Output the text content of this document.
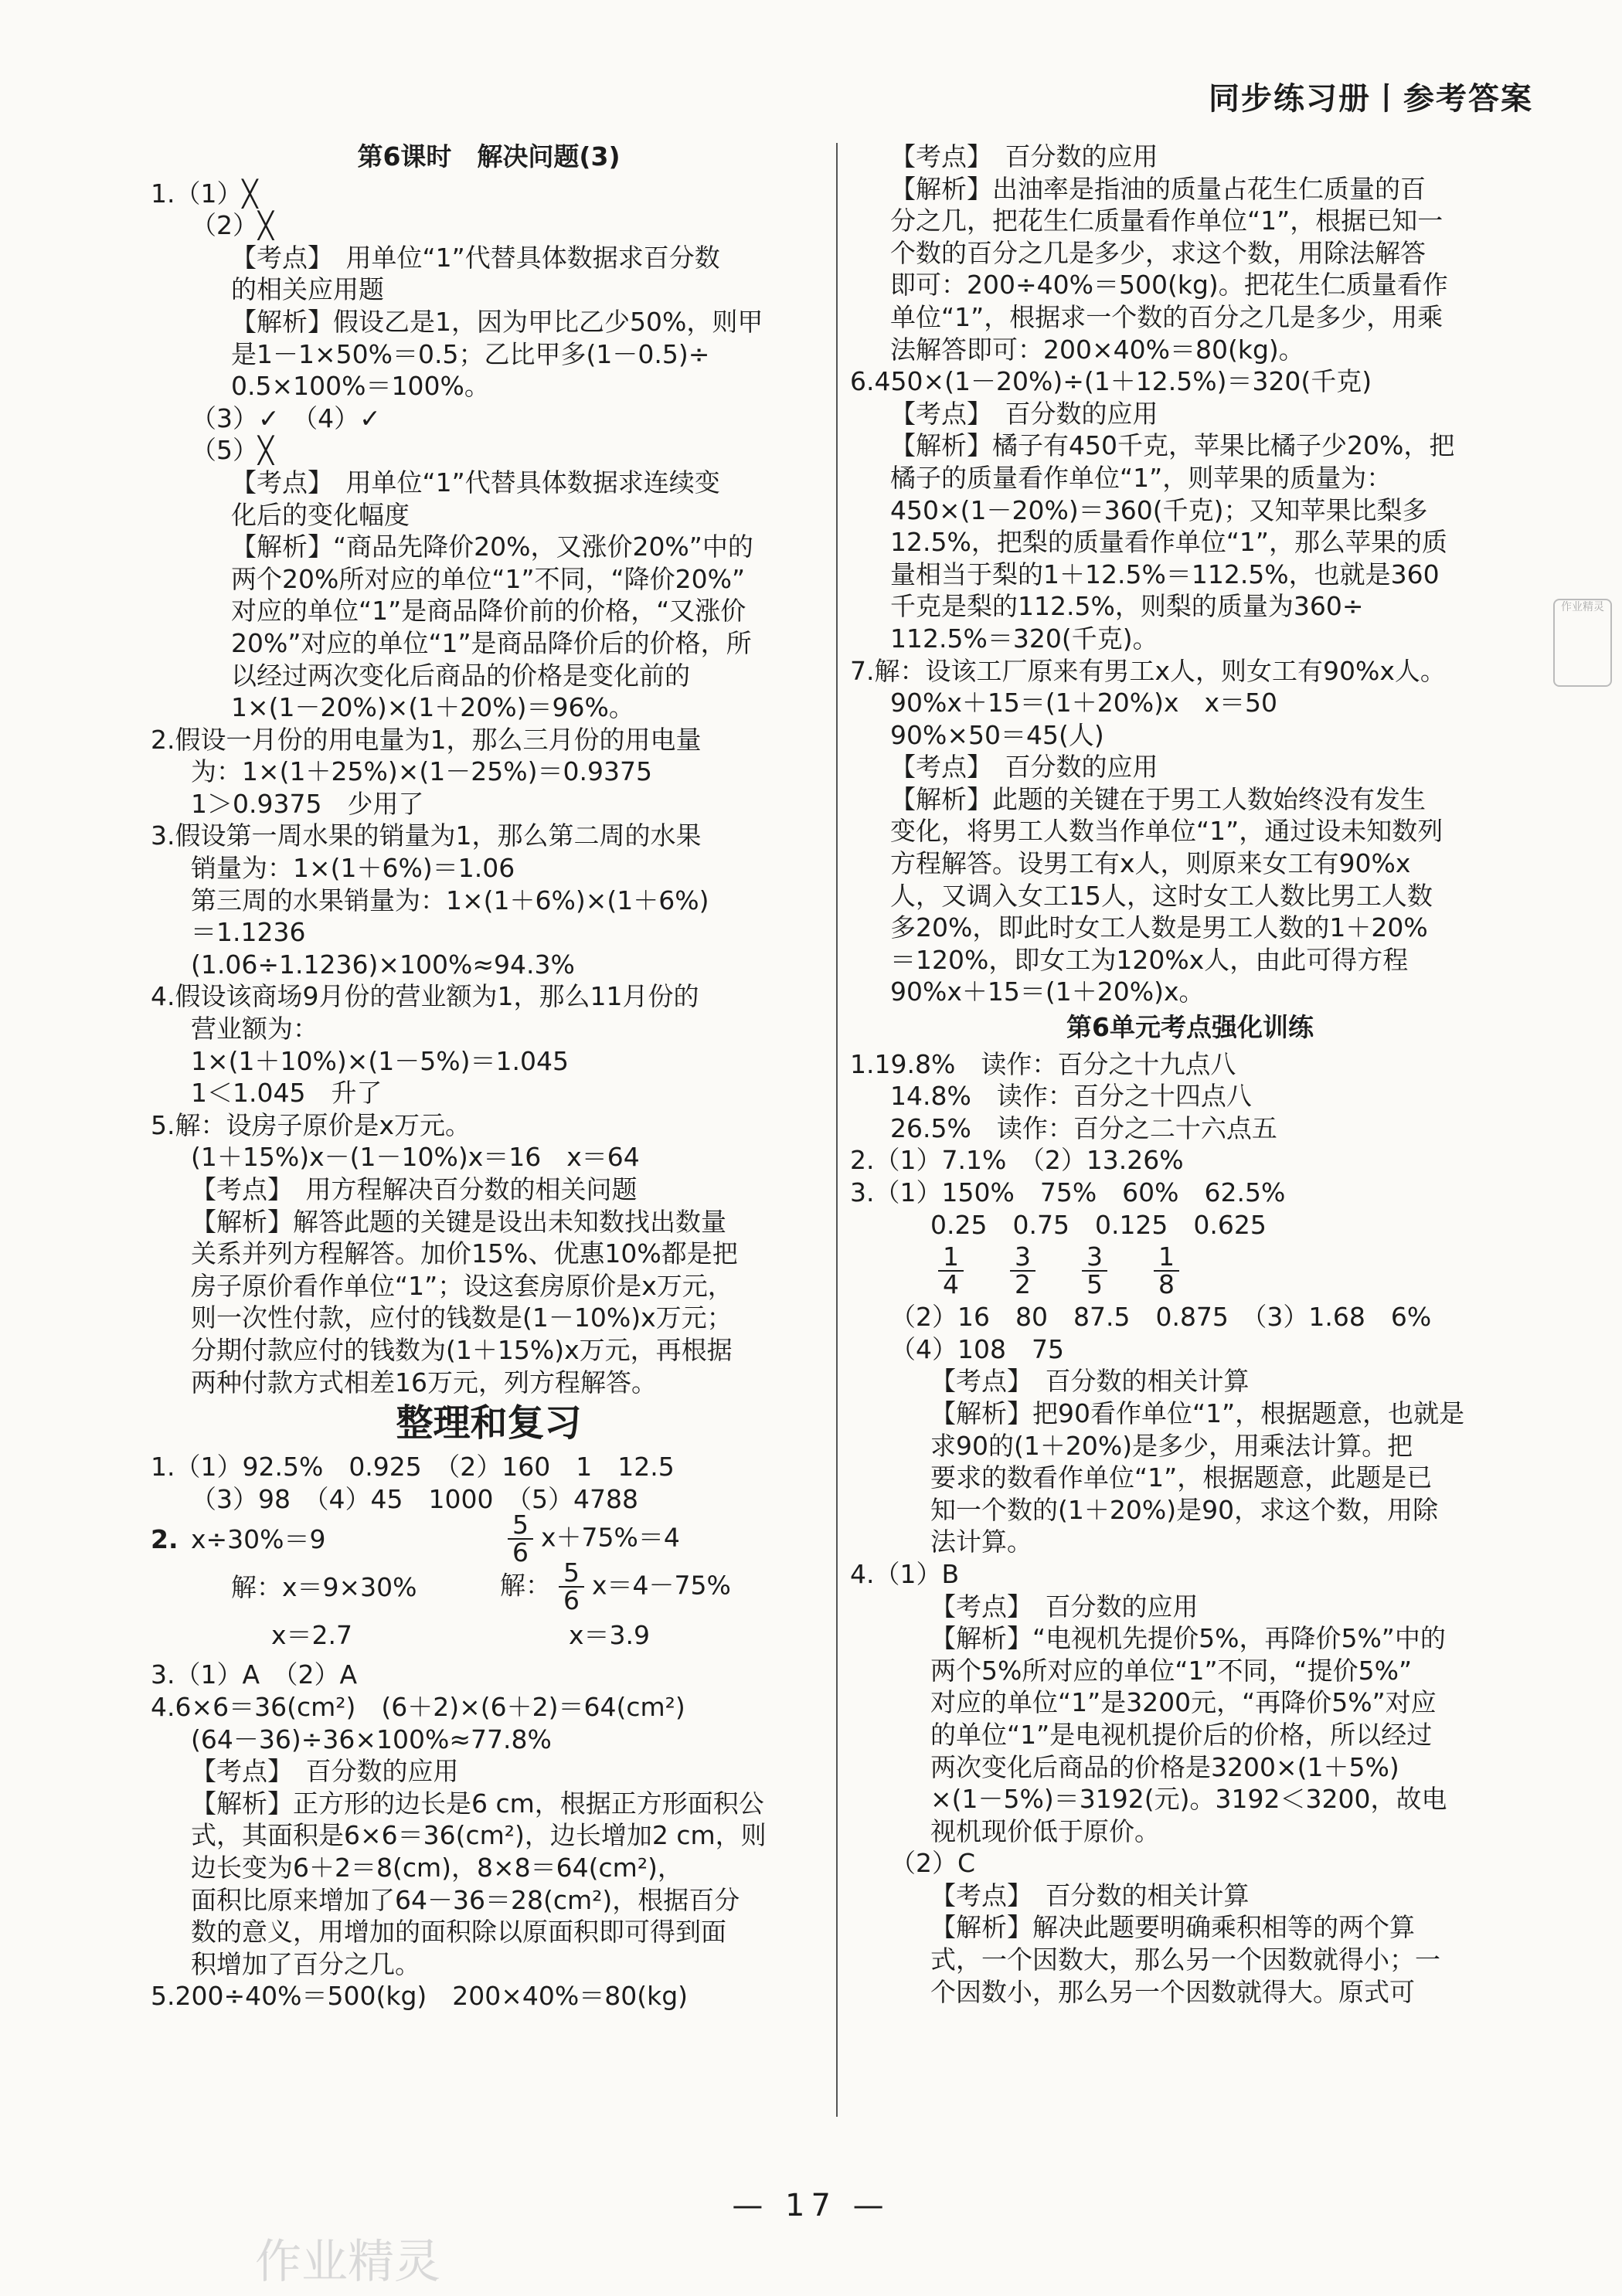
同步练习册丨参考答案
第6课时　解决问题(3)
1.（1）╳
（2）╳
【考点】　用单位“1”代替具体数据求百分数
的相关应用题
【解析】假设乙是1，因为甲比乙少50%，则甲
是1－1×50%＝0.5；乙比甲多(1－0.5)÷
0.5×100%＝100%。
（3）✓　（4）✓
（5）╳
【考点】　用单位“1”代替具体数据求连续变
化后的变化幅度
【解析】“商品先降价20%，又涨价20%”中的
两个20%所对应的单位“1”不同，“降价20%”
对应的单位“1”是商品降价前的价格，“又涨价
20%”对应的单位“1”是商品降价后的价格，所
以经过两次变化后商品的价格是变化前的
1×(1－20%)×(1＋20%)＝96%。
2.假设一月份的用电量为1，那么三月份的用电量
为：1×(1＋25%)×(1－25%)＝0.9375
1＞0.9375　少用了
3.假设第一周水果的销量为1，那么第二周的水果
销量为：1×(1＋6%)＝1.06
第三周的水果销量为：1×(1＋6%)×(1＋6%)
＝1.1236
(1.06÷1.1236)×100%≈94.3%
4.假设该商场9月份的营业额为1，那么11月份的
营业额为：
1×(1＋10%)×(1－5%)＝1.045
1＜1.045　升了
5.解：设房子原价是x万元。
(1＋15%)x－(1－10%)x＝16　x＝64
【考点】　用方程解决百分数的相关问题
【解析】解答此题的关键是设出未知数找出数量
关系并列方程解答。加价15%、优惠10%都是把
房子原价看作单位“1”；设这套房原价是x万元，
则一次性付款，应付的钱数是(1－10%)x万元；
分期付款应付的钱数为(1＋15%)x万元，再根据
两种付款方式相差16万元，列方程解答。
整理和复习
1.（1）92.5%　0.925　（2）160　1　12.5
（3）98　（4）45　1000　（5）4788
2. x÷30%＝9	$\frac{5}{6} x+75\%=4$
解：x＝9×30%	解： $\frac{5}{6} x=4-75\%$
x＝2.7	x＝3.9
3.（1）A　（2）A
4.6×6＝36(cm²)　(6＋2)×(6＋2)＝64(cm²)
(64－36)÷36×100%≈77.8%
【考点】　百分数的应用
【解析】正方形的边长是6 cm，根据正方形面积公
式，其面积是6×6＝36(cm²)，边长增加2 cm，则
边长变为6＋2＝8(cm)，8×8＝64(cm²)，
面积比原来增加了64－36＝28(cm²)，根据百分
数的意义，用增加的面积除以原面积即可得到面
积增加了百分之几。
5.200÷40%＝500(kg)　200×40%＝80(kg)
【考点】　百分数的应用
【解析】出油率是指油的质量占花生仁质量的百
分之几，把花生仁质量看作单位“1”，根据已知一
个数的百分之几是多少，求这个数，用除法解答
即可：200÷40%＝500(kg)。把花生仁质量看作
单位“1”，根据求一个数的百分之几是多少，用乘
法解答即可：200×40%＝80(kg)。
6.450×(1－20%)÷(1＋12.5%)＝320(千克)
【考点】　百分数的应用
【解析】橘子有450千克，苹果比橘子少20%，把
橘子的质量看作单位“1”，则苹果的质量为：
450×(1－20%)＝360(千克)；又知苹果比梨多
12.5%，把梨的质量看作单位“1”，那么苹果的质
量相当于梨的1＋12.5%＝112.5%，也就是360
千克是梨的112.5%，则梨的质量为360÷
112.5%＝320(千克)。
7.解：设该工厂原来有男工x人，则女工有90%x人。
90%x＋15＝(1＋20%)x　x＝50
90%×50＝45(人)
【考点】　百分数的应用
【解析】此题的关键在于男工人数始终没有发生
变化，将男工人数当作单位“1”，通过设未知数列
方程解答。设男工有x人，则原来女工有90%x
人，又调入女工15人，这时女工人数比男工人数
多20%，即此时女工人数是男工人数的1＋20%
＝120%，即女工为120%x人，由此可得方程
90%x＋15＝(1＋20%)x。
第6单元考点强化训练
1.19.8%　读作：百分之十九点八
14.8%　读作：百分之十四点八
26.5%　读作：百分之二十六点五
2.（1）7.1%　（2）13.26%
3.（1）150%　75%　60%　62.5%
0.25　0.75　0.125　0.625
$\frac{1}{4} \frac{3}{2} \frac{3}{5} \frac{1}{8}$
（2）16　80　87.5　0.875　（3）1.68　6%
（4）108　75
【考点】　百分数的相关计算
【解析】把90看作单位“1”，根据题意，也就是
求90的(1＋20%)是多少，用乘法计算。把
要求的数看作单位“1”，根据题意，此题是已
知一个数的(1＋20%)是90，求这个数，用除
法计算。
4.（1）B
【考点】　百分数的应用
【解析】“电视机先提价5%，再降价5%”中的
两个5%所对应的单位“1”不同，“提价5%”
对应的单位“1”是3200元，“再降价5%”对应
的单位“1”是电视机提价后的价格，所以经过
两次变化后商品的价格是3200×(1＋5%)
×(1－5%)＝3192(元)。3192＜3200，故电
视机现价低于原价。
（2）C
【考点】　百分数的相关计算
【解析】解决此题要明确乘积相等的两个算
式，一个因数大，那么另一个因数就得小；一
个因数小，那么另一个因数就得大。原式可
作业精灵
— 17 —
作业精灵
